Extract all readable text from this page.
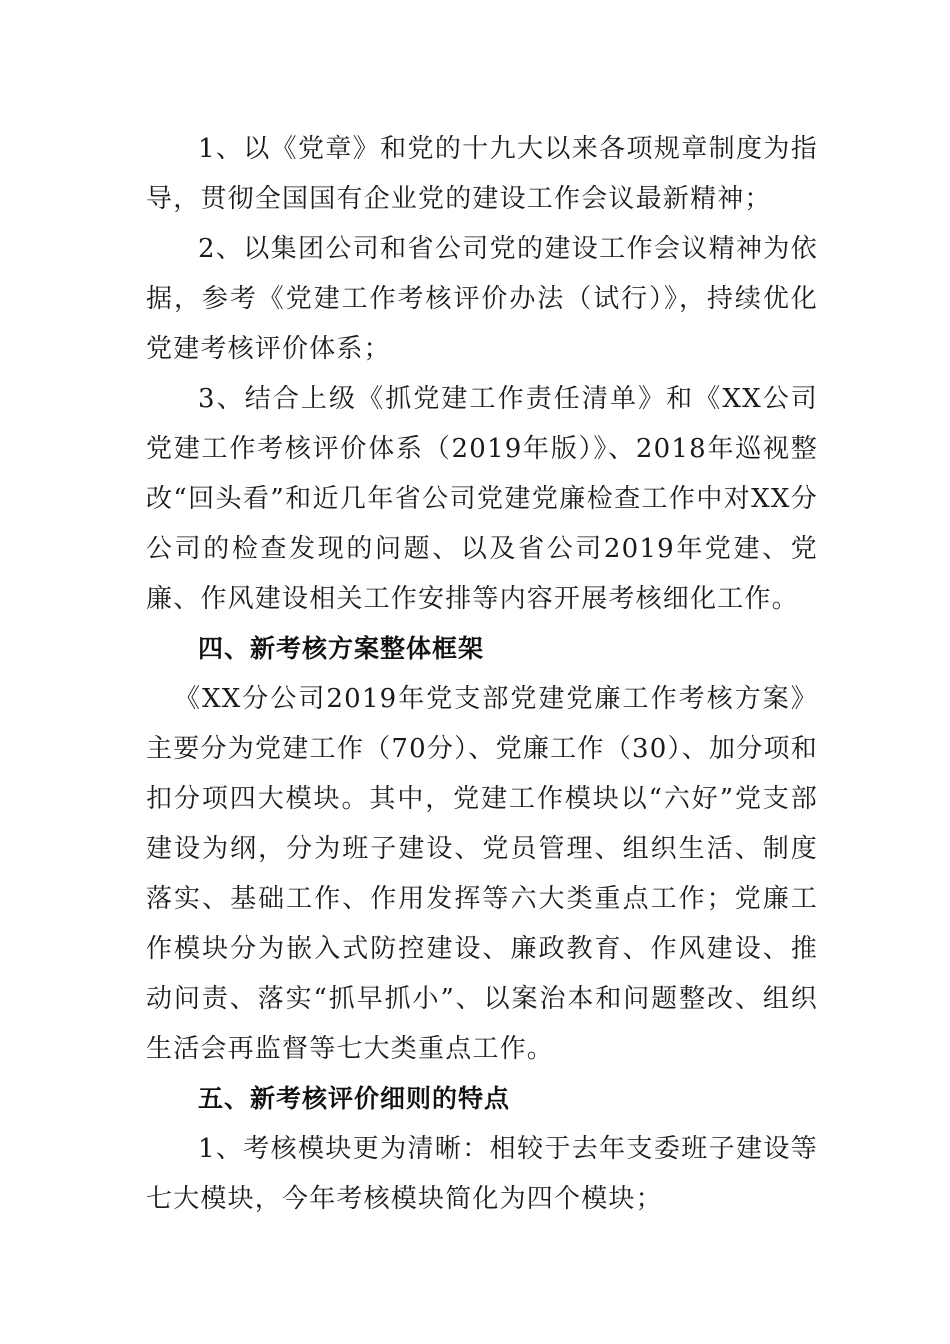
1、以《党章》和党的十九大以来各项规章制度为指导，贯彻全国国有企业党的建设工作会议最新精神；

2、以集团公司和省公司党的建设工作会议精神为依据，参考《党建工作考核评价办法（试行）》，持续优化党建考核评价体系；

3、结合上级《抓党建工作责任清单》和《XX公司党建工作考核评价体系（2019年版）》、2018年巡视整改“回头看”和近几年省公司党建党廉检查工作中对XX分公司的检查发现的问题、以及省公司2019年党建、党廉、作风建设相关工作安排等内容开展考核细化工作。

四、新考核方案整体框架

《XX分公司2019年党支部党建党廉工作考核方案》主要分为党建工作（70分）、党廉工作（30）、加分项和扣分项四大模块。其中，党建工作模块以“六好”党支部建设为纲，分为班子建设、党员管理、组织生活、制度落实、基础工作、作用发挥等六大类重点工作；党廉工作模块分为嵌入式防控建设、廉政教育、作风建设、推动问责、落实“抓早抓小”、以案治本和问题整改、组织生活会再监督等七大类重点工作。

五、新考核评价细则的特点

1、考核模块更为清晰：相较于去年支委班子建设等七大模块，今年考核模块简化为四个模块；
